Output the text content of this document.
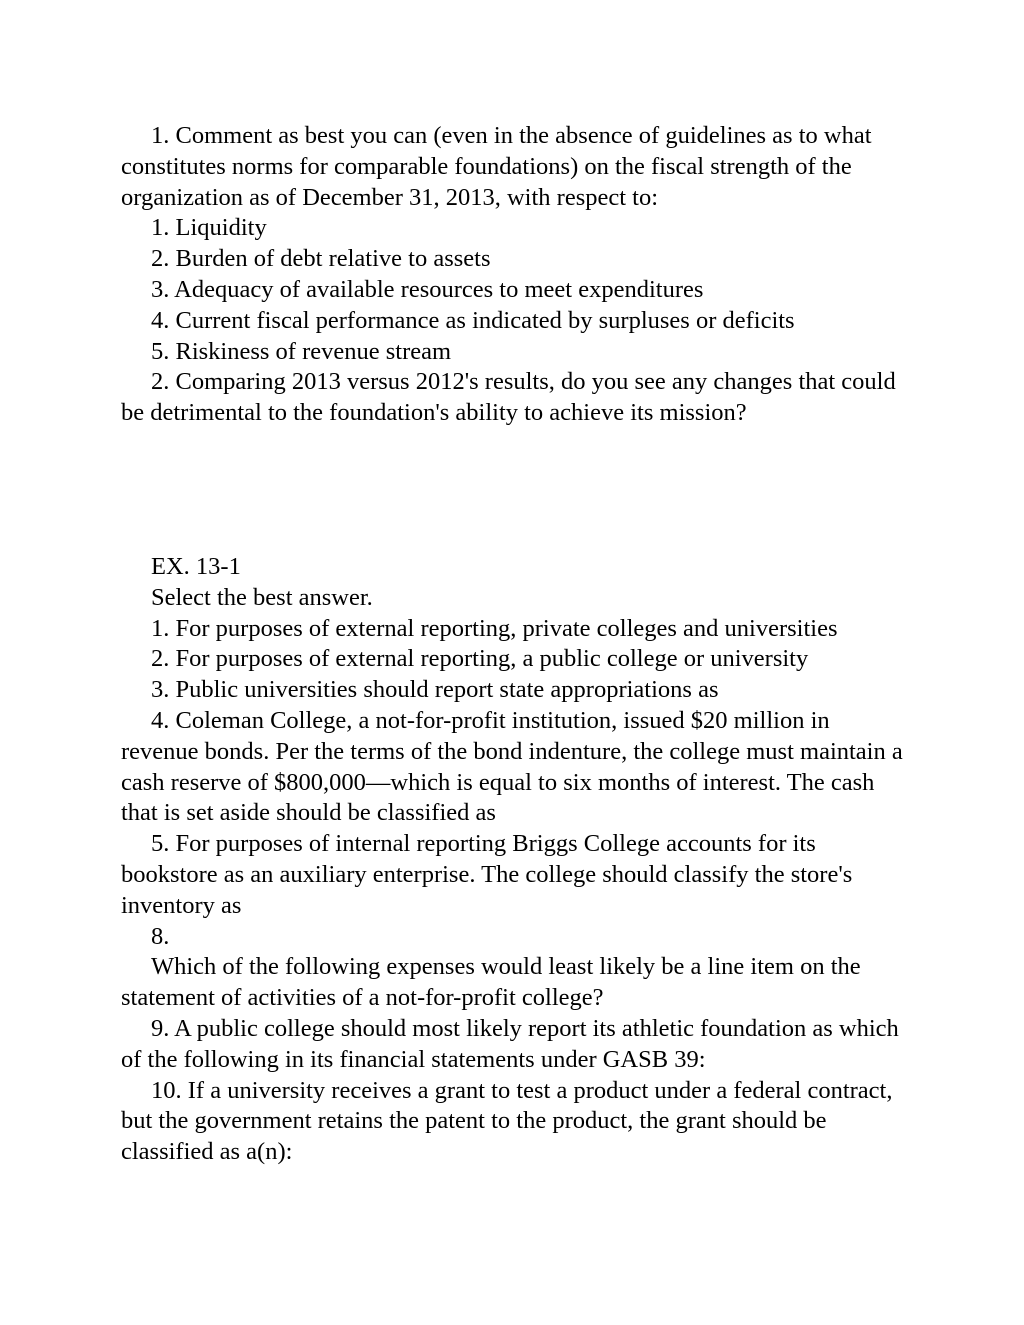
1. Comment as best you can (even in the absence of guidelines as to what constitutes norms for comparable foundations) on the fiscal strength of the organization as of December 31, 2013, with respect to:

1. Liquidity

2. Burden of debt relative to assets

3. Adequacy of available resources to meet expenditures

4. Current fiscal performance as indicated by surpluses or deficits

5. Riskiness of revenue stream

2. Comparing 2013 versus 2012's results, do you see any changes that could be detrimental to the foundation's ability to achieve its mission?

EX. 13-1

Select the best answer.

1. For purposes of external reporting, private colleges and universities

2. For purposes of external reporting, a public college or university

3. Public universities should report state appropriations as

4. Coleman College, a not-for-profit institution, issued $20 million in revenue bonds. Per the terms of the bond indenture, the college must maintain a cash reserve of $800,000—which is equal to six months of interest. The cash that is set aside should be classified as

5. For purposes of internal reporting Briggs College accounts for its bookstore as an auxiliary enterprise. The college should classify the store's inventory as

8.

Which of the following expenses would least likely be a line item on the statement of activities of a not-for-profit college?

9. A public college should most likely report its athletic foundation as which of the following in its financial statements under GASB 39:

10. If a university receives a grant to test a product under a federal contract, but the government retains the patent to the product, the grant should be classified as a(n):
